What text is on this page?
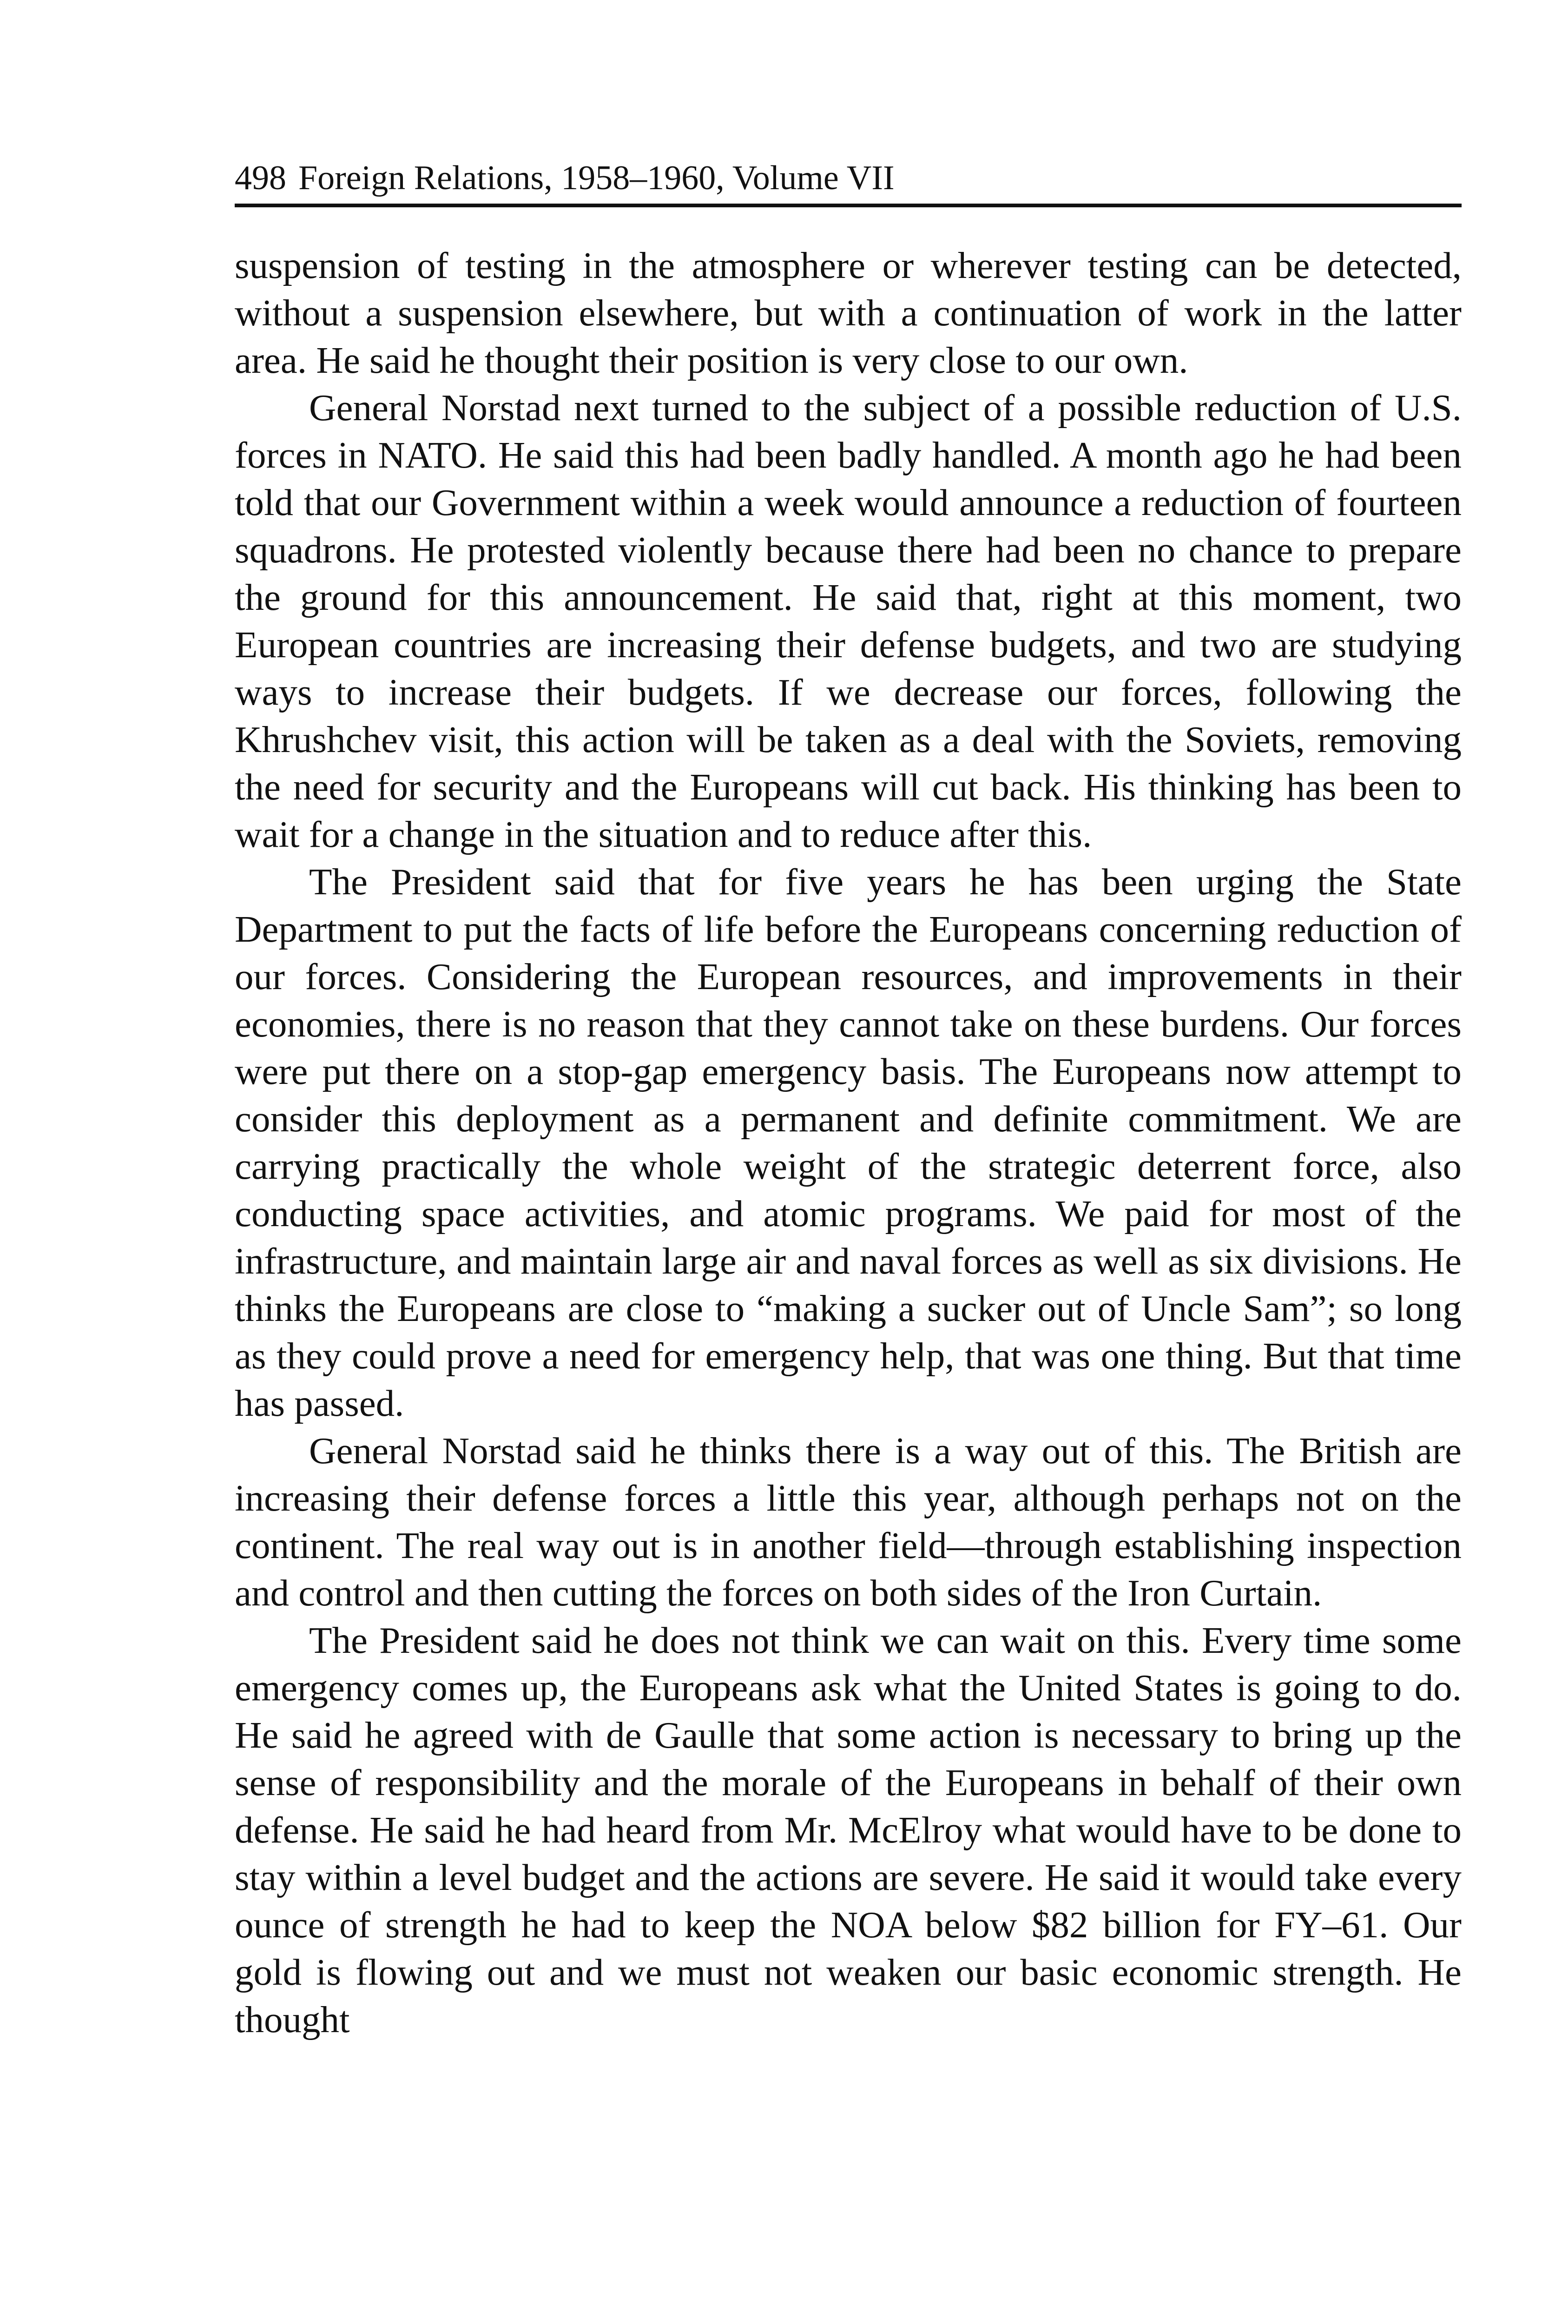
498 Foreign Relations, 1958–1960, Volume VII

suspension of testing in the atmosphere or wherever testing can be detected, without a suspension elsewhere, but with a continuation of work in the latter area. He said he thought their position is very close to our own.

General Norstad next turned to the subject of a possible reduction of U.S. forces in NATO. He said this had been badly handled. A month ago he had been told that our Government within a week would announce a reduction of fourteen squadrons. He protested violently because there had been no chance to prepare the ground for this announcement. He said that, right at this moment, two European countries are increasing their defense budgets, and two are studying ways to increase their budgets. If we decrease our forces, following the Khrushchev visit, this action will be taken as a deal with the Soviets, removing the need for security and the Europeans will cut back. His thinking has been to wait for a change in the situation and to reduce after this.

The President said that for five years he has been urging the State Department to put the facts of life before the Europeans concerning reduction of our forces. Considering the European resources, and improvements in their economies, there is no reason that they cannot take on these burdens. Our forces were put there on a stop-gap emergency basis. The Europeans now attempt to consider this deployment as a permanent and definite commitment. We are carrying practically the whole weight of the strategic deterrent force, also conducting space activities, and atomic programs. We paid for most of the infrastructure, and maintain large air and naval forces as well as six divisions. He thinks the Europeans are close to “making a sucker out of Uncle Sam”; so long as they could prove a need for emergency help, that was one thing. But that time has passed.

General Norstad said he thinks there is a way out of this. The British are increasing their defense forces a little this year, although perhaps not on the continent. The real way out is in another field—through establishing inspection and control and then cutting the forces on both sides of the Iron Curtain.

The President said he does not think we can wait on this. Every time some emergency comes up, the Europeans ask what the United States is going to do. He said he agreed with de Gaulle that some action is necessary to bring up the sense of responsibility and the morale of the Europeans in behalf of their own defense. He said he had heard from Mr. McElroy what would have to be done to stay within a level budget and the actions are severe. He said it would take every ounce of strength he had to keep the NOA below $82 billion for FY–61. Our gold is flowing out and we must not weaken our basic economic strength. He thought
